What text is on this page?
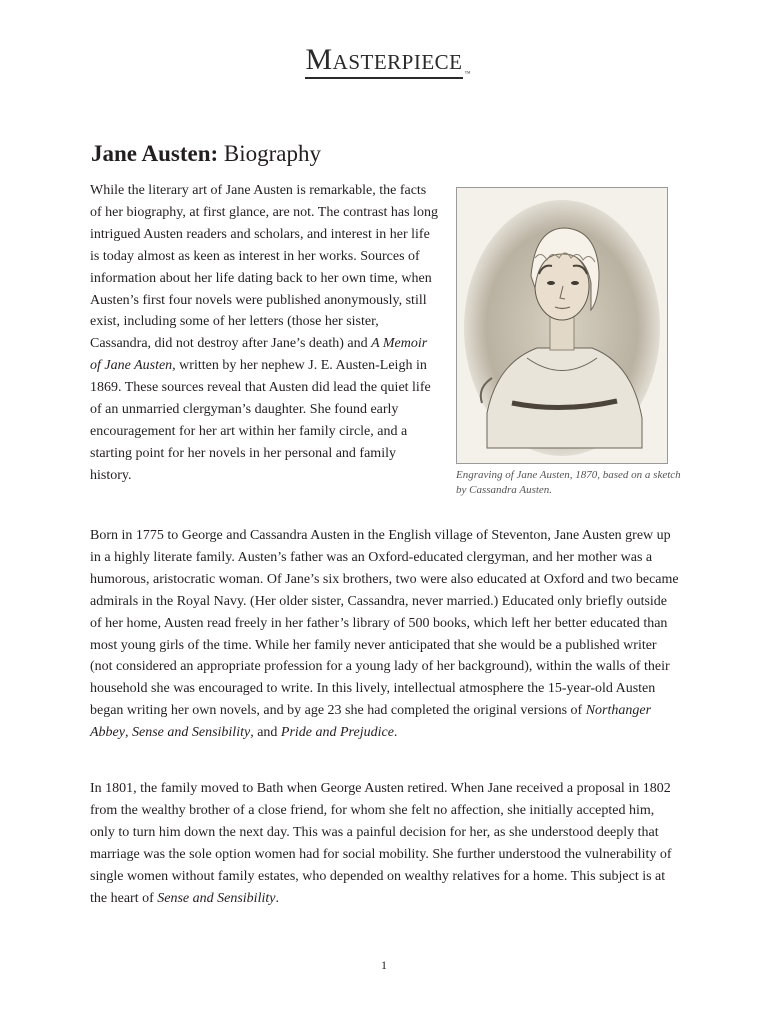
Masterpiece ™
Jane Austen: Biography

While the literary art of Jane Austen is remarkable, the facts of her biography, at first glance, are not. The contrast has long intrigued Austen readers and scholars, and interest in her life is today almost as keen as interest in her works. Sources of information about her life dating back to her own time, when Austen’s first four novels were published anonymously, still exist, including some of her letters (those her sister, Cassandra, did not destroy after Jane’s death) and A Memoir of Jane Austen, written by her nephew J. E. Austen-Leigh in 1869. These sources reveal that Austen did lead the quiet life of an unmarried clergyman’s daughter. She found early encouragement for her art within her family circle, and a starting point for her novels in her personal and family history.	Engraving of Jane Austen, 1870, based on a sketch by Cassandra Austen.

Born in 1775 to George and Cassandra Austen in the English village of Steventon, Jane Austen grew up in a highly literate family. Austen’s father was an Oxford-educated clergyman, and her mother was a humorous, aristocratic woman. Of Jane’s six brothers, two were also educated at Oxford and two became admirals in the Royal Navy. (Her older sister, Cassandra, never married.) Educated only briefly outside of her home, Austen read freely in her father’s library of 500 books, which left her better educated than most young girls of the time. While her family never anticipated that she would be a published writer (not considered an appropriate profession for a young lady of her background), within the walls of their household she was encouraged to write. In this lively, intellectual atmosphere the 15-year-old Austen began writing her own novels, and by age 23 she had completed the original versions of Northanger Abbey, Sense and Sensibility, and Pride and Prejudice.

In 1801, the family moved to Bath when George Austen retired. When Jane received a proposal in 1802 from the wealthy brother of a close friend, for whom she felt no affection, she initially accepted him, only to turn him down the next day. This was a painful decision for her, as she understood deeply that marriage was the sole option women had for social mobility. She further understood the vulnerability of single women without family estates, who depended on wealthy relatives for a home. This subject is at the heart of Sense and Sensibility.

1
